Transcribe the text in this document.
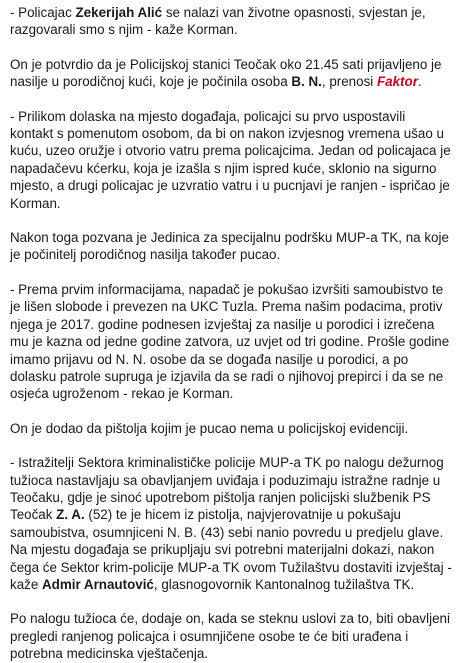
- Policajac Zekerijah Alić se nalazi van životne opasnosti, svjestan je, razgovarali smo s njim - kaže Korman.

On je potvrdio da je Policijskoj stanici Teočak oko 21.45 sati prijavljeno je nasilje u porodičnoj kući, koje je počinila osoba B. N., prenosi Faktor.

- Prilikom dolaska na mjesto događaja, policajci su prvo uspostavili kontakt s pomenutom osobom, da bi on nakon izvjesnog vremena ušao u kuću, uzeo oružje i otvorio vatru prema policajcima. Jedan od policajaca je napadačevu kćerku, koja je izašla s njim ispred kuće, sklonio na sigurno mjesto, a drugi policajac je uzvratio vatru i u pucnjavi je ranjen - ispričao je Korman.

Nakon toga pozvana je Jedinica za specijalnu podršku MUP-a TK, na koje je počinitelj porodičnog nasilja također pucao.

- Prema prvim informacijama, napadač je pokušao izvršiti samoubistvo te je lišen slobode i prevezen na UKC Tuzla. Prema našim podacima, protiv njega je 2017. godine podnesen izvještaj za nasilje u porodici i izrečena mu je kazna od jedne godine zatvora, uz uvjet od tri godine. Prošle godine imamo prijavu od N. N. osobe da se događa nasilje u porodici, a po dolasku patrole supruga je izjavila da se radi o njihovoj prepirci i da se ne osjeća ugroženom - rekao je Korman.

On je dodao da pištolja kojim je pucao nema u policijskoj evidenciji.

- Istražitelji Sektora kriminalističke policije MUP-a TK po nalogu dežurnog tužioca nastavljaju sa obavljanjem uviđaja i poduzimaju istražne radnje u Teočaku, gdje je sinoć upotrebom pištolja ranjen policijski službenik PS Teočak Z. A. (52) te je hicem iz pistolja, najvjerovatnije u pokušaju samoubistva, osumnjiceni N. B. (43) sebi nanio povredu u predjelu glave. Na mjestu događaja se prikupljaju svi potrebni materijalni dokazi, nakon čega će Sektor krim-policije MUP-a TK ovom Tužilaštvu dostaviti izvještaj - kaže Admir Arnautović, glasnogovornik Kantonalnog tužilaštva TK.

Po nalogu tužioca će, dodaje on, kada se steknu uslovi za to, biti obavljeni pregledi ranjenog policajca i osumnjičene osobe te će biti urađena i potrebna medicinska vještačenja.
